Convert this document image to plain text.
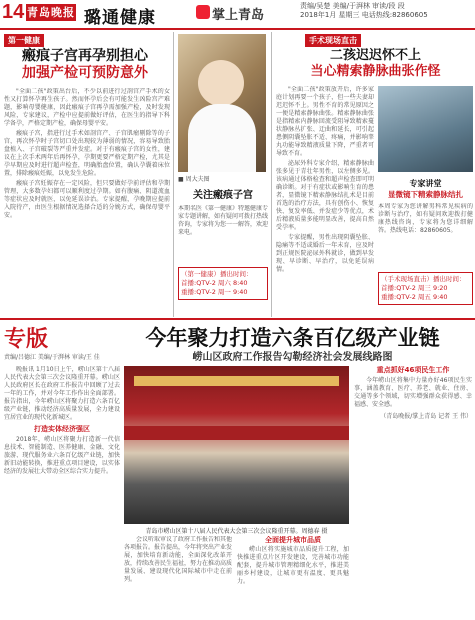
14 青岛晚报 璐通健康	掌上青岛
责编/吴楚 美编/于湃林 审读/段 段
2018年1月 星期三 电话热线:82860605
第一健康
瘢痕子宫再孕别担心
加强产检可预防意外

"全面二孩"政策出台后，不少以前进行过剖宫产手术的女性又打算怀孕再生孩子。然而怀孕后会有可能发生凶险宫产难题，影响母婴健康，因此瘢痕子宫再孕需加强产检，及时发现风险，专家建议，产检中应提前做好评估，在医生的指导下科学备孕，严格定期产检，确保母婴平安。

瘢痕子宫，指进行过手术如剖宫产、子宫肌瘤剔除等的子宫，再次怀孕时子宫切口处出现较为薄弱的情况，容易导致胎盘植入、子宫破裂等严重并发症。对于有瘢痕子宫的女性，建议在上次手术两年后再怀孕，孕期更要严格定期产检，尤其是孕早期应及时进行超声检查，明确胎盘位置，确认孕囊着床位置，排除瘢痕妊娠，以免发生危险。

瘢痕子宫妊娠存在一定风险，但只要做好孕前评估和孕期管理，大多数孕妇都可以顺利度过孕期。如有腹痛、阴道流血等症状应及时就医，以免延误诊治。专家提醒，孕晚期应提前入院待产，由医生根据情况选择合适的分娩方式，确保母婴平安。

■ 周大夫图
关注瘢痕子宫
本期名医《第一健康》特邀健康专家专题讲解，如有疑问可拨打热线咨询，专家将为您一一解答，欢迎来电。
（第一健康）播出时间：
首播:QTV-2 周六 8:40
重播:QTV-2 周一 9:40
手术现场直击
二孩迟迟怀不上
当心精索静脉曲张作怪

"全面二孩"政策放开后，许多家庭计划再要一个孩子，但一些夫妻却迟迟怀不上。男性不育的常见原因之一便是精索静脉曲张。精索静脉曲张是指精索内静脉回流受阻导致精索蔓状静脉丛扩张、迂曲和延长，可引起患侧阴囊坠胀不适、疼痛，并影响睾丸功能导致精液质量下降，严重者可导致不育。

泌尿外科专家介绍，精索静脉曲张多见于青壮年男性，以左侧多见。该病通过体格检查和超声检查即可明确诊断。对于有症状或影响生育的患者，显微镜下精索静脉结扎术是目前首选的治疗方法，具有创伤小、恢复快、复发率低、并发症少等优点，术后精液质量多能明显改善，提高自然受孕率。

专家提醒，男性出现阴囊坠胀、隐痛等不适或婚后一年未育，应及时到正规医院泌尿外科就诊，做到早发现、早诊断、早治疗，以免延误病情。

专家讲堂
显微镜下精索静脉结扎
本周专家为您讲解男科常见疾病的诊断与治疗，如有疑问欢迎拨打健康热线咨询，专家将为您详细解答。热线电话：82860605。
（手术现场直击）播出时间：
首播:QTV-2 周三 9:20
重播:QTV-2 周五 9:40
专版
责编/吕德江 美编/于湃林 审读/王 佳
今年聚力打造六条百亿级产业链
崂山区政府工作报告勾勒经济社会发展线路图

晚报讯 1月10日上午，崂山区第十八届人民代表大会第三次会议隆重开幕。崂山区人民政府区长在政府工作报告中回顾了过去一年的工作，并对今年工作作出全面部署。报告指出，今年崂山区将聚力打造六条百亿级产业链，推动经济高质量发展，全力建设宜居宜业的现代化新城区。

打造实体经济强区

2018年，崂山区将聚力打造新一代信息技术、智能制造、医养健康、金融、文化旅游、现代服务业六条百亿级产业链，加快新旧动能转换，推进重点项目建设，以实体经济的发展壮大带动全区综合实力提升。

青岛市崂山区第十八届人民代表大会第三次会议隆重开幕。周德春 摄

会议听取审议了政府工作报告和其他各项报告。报告提出，今年将突出产业发展，加快培育新动能，全面深化改革开放，持续改善民生福祉，努力在推动高质量发展、建设现代化国际城市中走在前列。

全面提升城市品质

崂山区将实施城市品质提升工程，加快推进重点片区开发建设，完善城市功能配套，提升城市管理精细化水平，推进美丽乡村建设，让城市更有温度、更具魅力。

重点抓好46项民生工作

今年崂山区将集中力量办好46项民生实事，涵盖教育、医疗、养老、就业、住房、交通等多个领域，切实增强群众获得感、幸福感、安全感。

（青岛晚报/掌上青岛 记者 王 伟）
